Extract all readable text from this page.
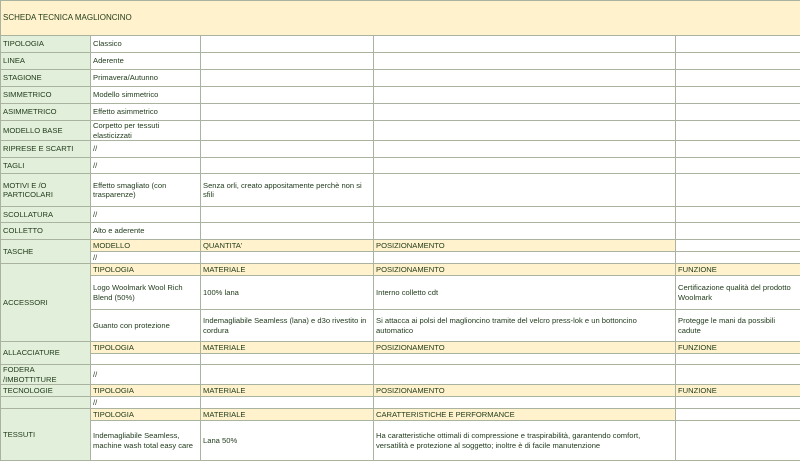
SCHEDA TECNICA MAGLIONCINO				
TIPOLOGIA	Classico			
LINEA	Aderente			
STAGIONE	Primavera/Autunno			
SIMMETRICO	Modello simmetrico			
ASIMMETRICO	Effetto asimmetrico			
MODELLO BASE	Corpetto per tessuti elasticizzati			
RIPRESE E SCARTI	//			
TAGLI	//			
MOTIVI E /O PARTICOLARI	Effetto smagliato (con trasparenze)	Senza orli, creato appositamente perchè non si sfili		
SCOLLATURA	//			
COLLETTO	Alto e aderente			
TASCHE	MODELLO	QUANTITA'	POSIZIONAMENTO	
	//			
ACCESSORI	TIPOLOGIA	MATERIALE	POSIZIONAMENTO	FUNZIONE
	Logo Woolmark Wool Rich Blend (50%)	100% lana	Interno colletto cdt	Certificazione qualità del prodotto Woolmark
	Guanto con protezione	Indemagliabile Seamless (lana) e d3o rivestito in cordura	Si attacca ai polsi del maglioncino tramite del velcro press-lok e un bottoncino automatico	Protegge le mani da possibili cadute
ALLACCIATURE	TIPOLOGIA	MATERIALE	POSIZIONAMENTO	FUNZIONE

FODERA /IMBOTTITURE	//			
TECNOLOGIE	TIPOLOGIA	MATERIALE	POSIZIONAMENTO	FUNZIONE
	//			
TESSUTI	TIPOLOGIA	MATERIALE	CARATTERISTICHE E PERFORMANCE	
	Indemagliabile Seamless, machine wash total easy care	Lana 50%	Ha caratteristiche ottimali di compressione e traspirabilità, garantendo comfort, versatilità e protezione al soggetto; inoltre è di facile manutenzione	
